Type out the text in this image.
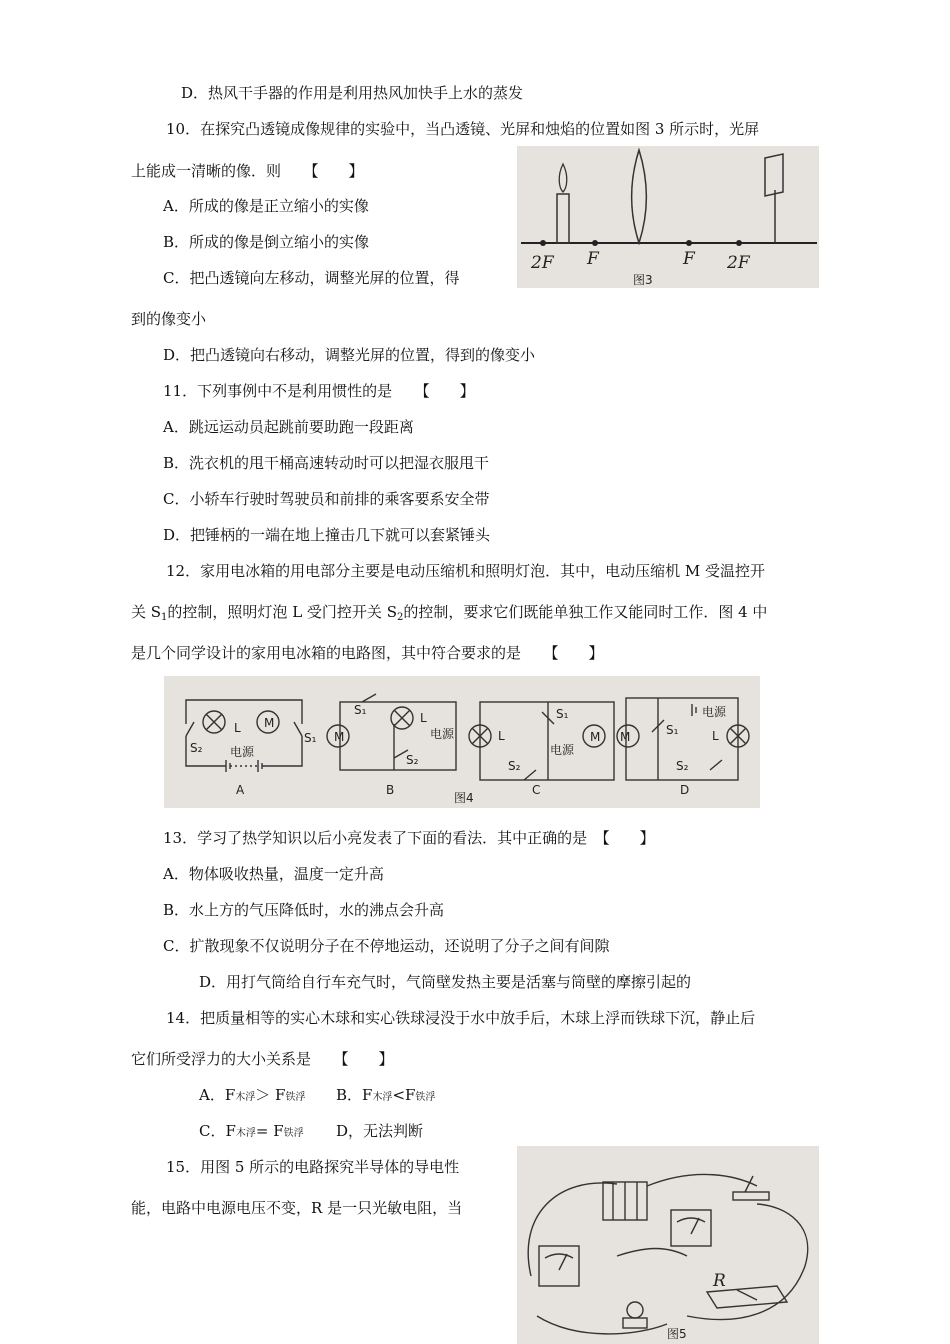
D．热风干手器的作用是利用热风加快手上水的蒸发
10．在探究凸透镜成像规律的实验中，当凸透镜、光屏和烛焰的位置如图 3 所示时，光屏
上能成一清晰的像．则　　【　　】
A．所成的像是正立缩小的实像
B．所成的像是倒立缩小的实像
C．把凸透镜向左移动，调整光屏的位置，得
到的像变小
D．把凸透镜向右移动，调整光屏的位置，得到的像变小
11．下列事例中不是利用惯性的是　　【　　】
A．跳远运动员起跳前要助跑一段距离
B．洗衣机的甩干桶高速转动时可以把湿衣服甩干
C．小轿车行驶时驾驶员和前排的乘客要系安全带
D．把锤柄的一端在地上撞击几下就可以套紧锤头
12．家用电冰箱的用电部分主要是电动压缩机和照明灯泡．其中，电动压缩机 M 受温控开
关 $S_1$的控制，照明灯泡 L 受门控开关 $S_2$的控制，要求它们既能单独工作又能同时工作．图 4 中
是几个同学设计的家用电冰箱的电路图，其中符合要求的是　　【　　】
13．学习了热学知识以后小亮发表了下面的看法．其中正确的是　【　　】
A．物体吸收热量，温度一定升高
B．水上方的气压降低时，水的沸点会升高
C．扩散现象不仅说明分子在不停地运动，还说明了分子之间有间隙
D．用打气筒给自行车充气时，气筒壁发热主要是活塞与筒壁的摩擦引起的
14．把质量相等的实心木球和实心铁球浸没于水中放手后，木球上浮而铁球下沉，静止后
它们所受浮力的大小关系是　　【　　】
A．F木浮＞ F铁浮 B．F木浮<F铁浮
C．F木浮= F铁浮 D，无法判断
15．用图 5 所示的电路探究半导体的导电性
能，电路中电源电压不变，R 是一只光敏电阻，当
2F F	F 2F
图3
L M
S₂
S₁
电源
A
M
S₁
L
S₂
电源
B
L	M
S₁
S₂
电源
C
M	L
S₁
S₂
电源
D
图4
R
图5
